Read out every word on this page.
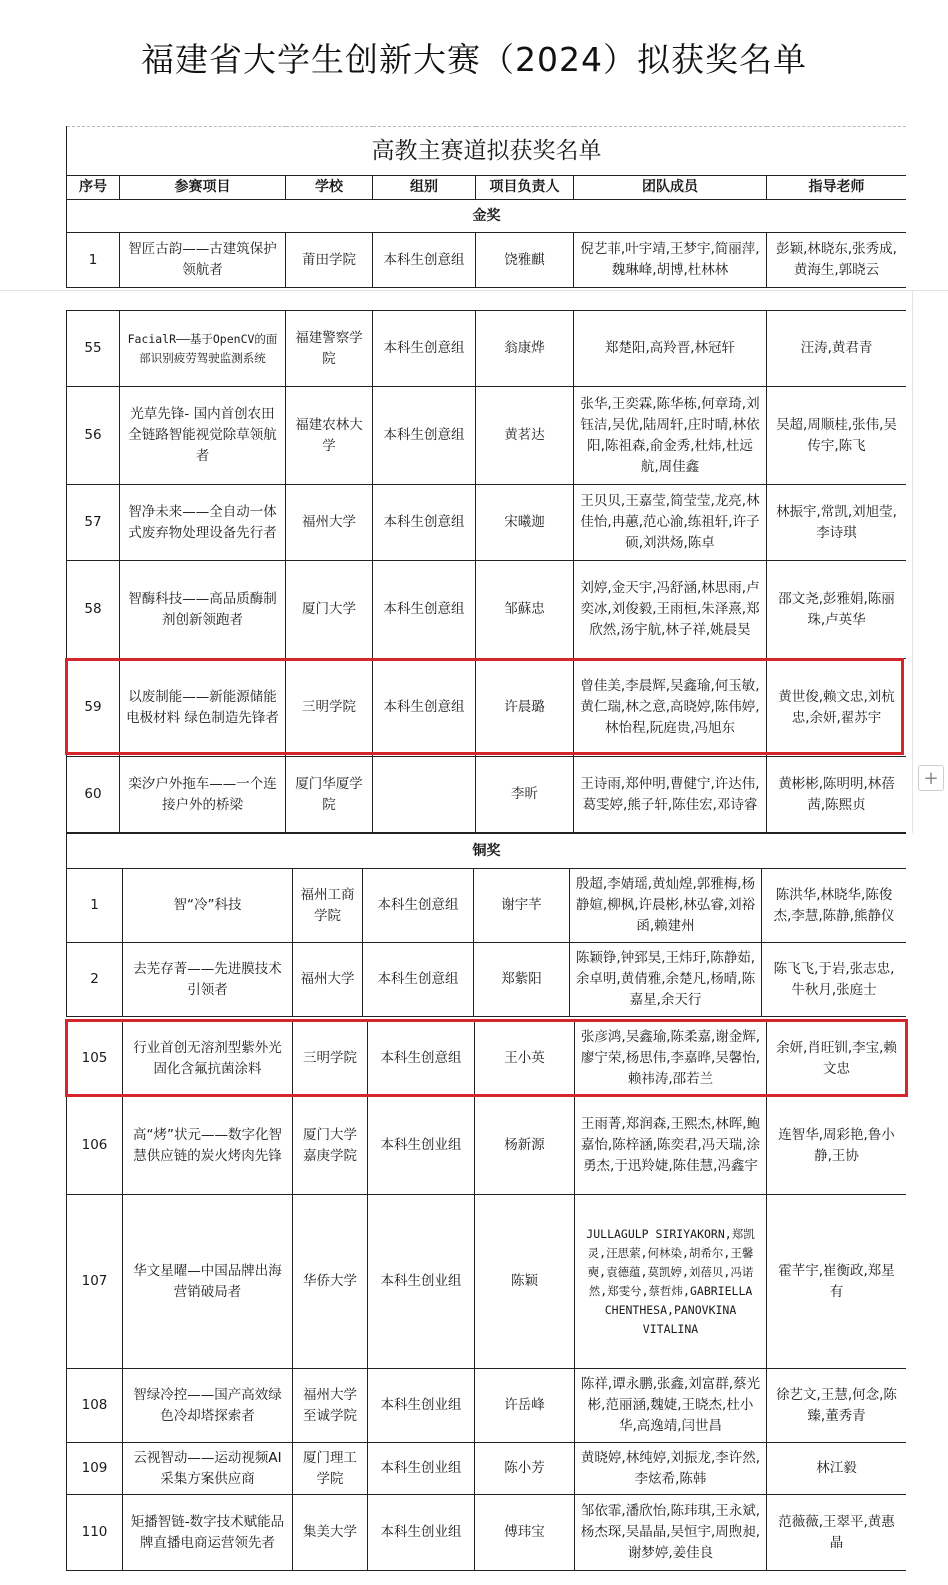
福建省大学生创新大赛（2024）拟获奖名单
高教主赛道拟获奖名单						
序号	参赛项目	学校	组别	项目负责人	团队成员	指导老师
金奖						
1	智匠古韵——古建筑保护领航者	莆田学院	本科生创意组	饶雅麒	倪艺菲,叶宇靖,王梦宇,简丽萍,魏琳峰,胡博,杜林林	彭颖,林晓东,张秀成,黄海生,郭晓云
55	FacialR——基于OpenCV的面部识别疲劳驾驶监测系统	福建警察学院	本科生创意组	翁康烨	郑楚阳,高羚晋,林冠轩	汪涛,黄君青
56	光草先锋- 国内首创农田全链路智能视觉除草领航者	福建农林大学	本科生创意组	黄茗达	张华,王奕霖,陈华栋,何章琦,刘钰洁,吴优,陆周轩,庄时晴,林依阳,陈祖森,俞金秀,杜炜,杜远航,周佳鑫	吴超,周顺桂,张伟,吴传宇,陈飞
57	智净未来——全自动一体式废弃物处理设备先行者	福州大学	本科生创意组	宋曦迦	王贝贝,王嘉莹,简莹莹,龙亮,林佳怡,冉蕙,范心渝,练祖轩,许子硕,刘洪炀,陈卓	林振宇,常凯,刘旭莹,李诗琪
58	智酶科技——高品质酶制剂创新领跑者	厦门大学	本科生创意组	邹蘇忠	刘婷,金天宇,冯舒涵,林思雨,卢奕冰,刘俊毅,王雨桓,朱泽熹,郑欣然,汤宇航,林子祥,姚晨昊	邵文尧,彭雅娟,陈丽珠,卢英华
59	以废制能——新能源储能电极材料 绿色制造先锋者	三明学院	本科生创意组	许晨璐	曾佳美,李晨辉,吴鑫瑜,何玉敏,黄仁瑞,林之意,高晓婷,陈伟婷,林怡程,阮庭贵,冯旭东	黄世俊,赖文忠,刘杭忠,余妍,翟苏宇
60	栾汐户外拖车——一个连接户外的桥梁	厦门华厦学院		李昕	王诗雨,郑仲明,曹健宁,许达伟,葛雯婷,熊子轩,陈佳宏,邓诗睿	黄彬彬,陈明明,林蓓茜,陈熙贞
铜奖						
1	智“冷”科技	福州工商学院	本科生创意组	谢宇芊	殷超,李婧瑶,黄灿煌,郭雅梅,杨静媗,柳枫,许晨彬,林弘睿,刘裕函,赖建州	陈洪华,林晓华,陈俊杰,李慧,陈静,熊静仪
2	去芜存菁——先进膜技术引领者	福州大学	本科生创意组	郑紫阳	陈颖铮,钟郅昊,王炜玗,陈静茹,余卓明,黄倩雅,余楚凡,杨晴,陈嘉星,余天行	陈飞飞,于岩,张志忠,牛秋月,张庭士
105	行业首创无溶剂型紫外光固化含氟抗菌涂料	三明学院	本科生创意组	王小英	张彦鸿,吴鑫瑜,陈柔嘉,谢金辉,廖宁荣,杨思伟,李嘉晔,吴馨怡,赖祎涛,邵若兰	余妍,肖旺钏,李宝,赖文忠
106	高“烤”状元——数字化智慧供应链的炭火烤肉先锋	厦门大学嘉庚学院	本科生创业组	杨新源	王雨菁,郑润森,王熙杰,林晖,鲍嘉怡,陈梓涵,陈奕君,冯天瑞,涂勇杰,于迅羚婕,陈佳慧,冯鑫宇	连智华,周彩艳,鲁小静,王协
107	华文星曜—中国品牌出海营销破局者	华侨大学	本科生创业组	陈颖	JULLAGULP SIRIYAKORN,郑凯灵,汪思萦,何林染,胡希尔,王馨奭,袁德蕴,莫凯婷,刘蓓贝,冯诺然,郑雯兮,蔡哲炜,GABRIELLA CHENTHESA,PANOVKINA VITALINA	霍芊宇,崔衡政,郑星有
108	智绿冷控——国产高效绿色冷却塔探索者	福州大学至诚学院	本科生创业组	许岳峰	陈祥,谭永鹏,张鑫,刘富群,蔡光彬,范丽涵,魏婕,王晓杰,杜小华,高逸靖,闫世昌	徐艺文,王慧,何念,陈臻,董秀青
109	云视智动——运动视频AI采集方案供应商	厦门理工学院	本科生创业组	陈小芳	黄晓婷,林纯婷,刘振龙,李许然,李炫希,陈韩	林江毅
110	矩播智链-数字技术赋能品牌直播电商运营领先者	集美大学	本科生创业组	傅玮宝	邹依霏,潘欣怡,陈玮琪,王永斌,杨杰琛,吴晶晶,吴恒宇,周煦昶,谢梦婷,姜佳良	范薇薇,王翠平,黄惠晶
+
